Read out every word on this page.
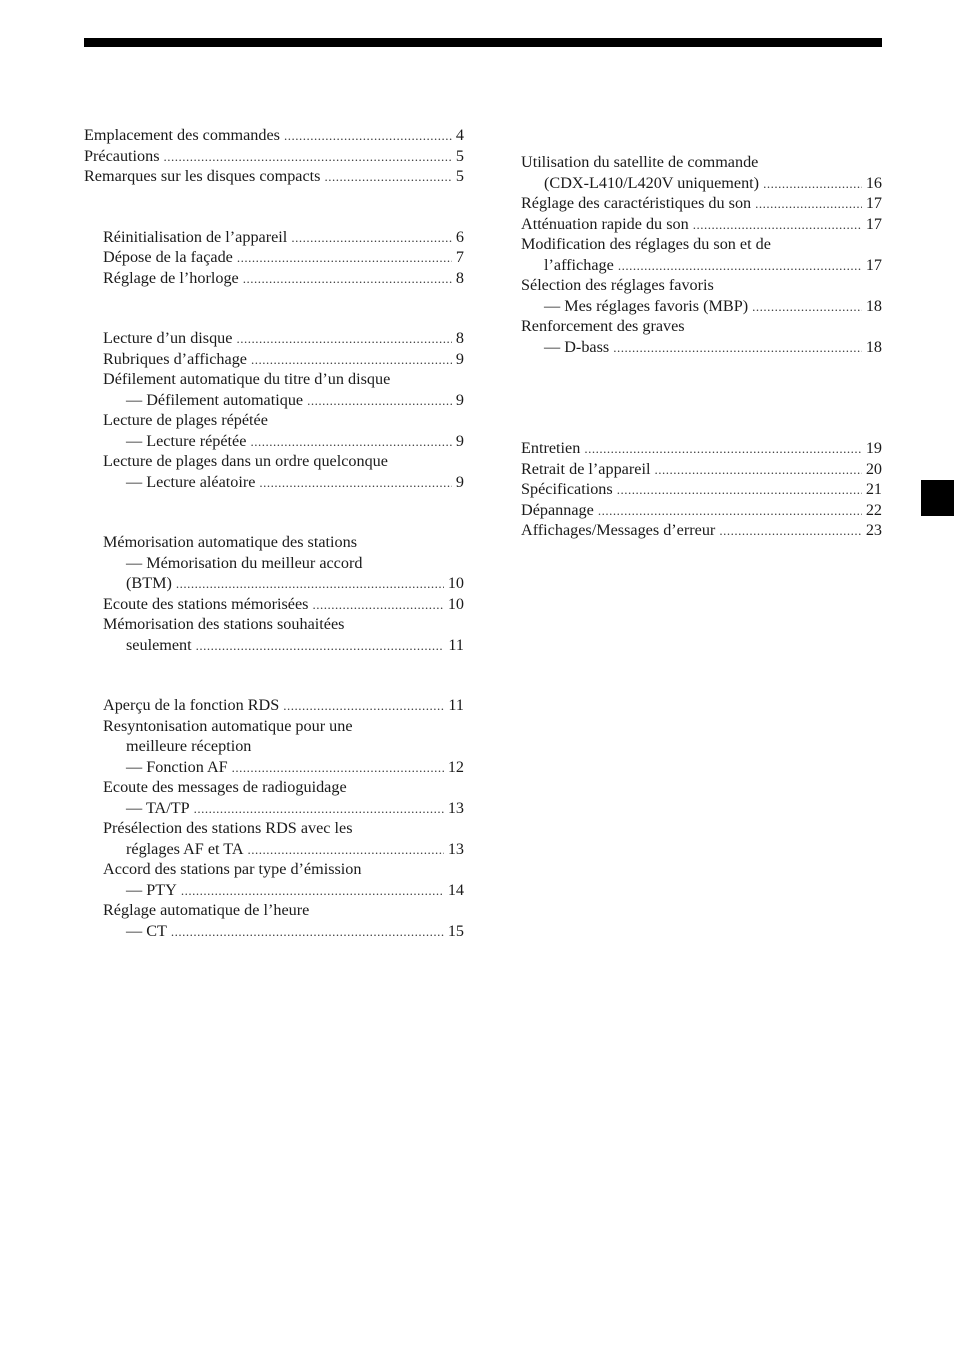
Emplacement des commandes .....	4
Précautions .....	5
Remarques sur les disques compacts .....	5
Réinitialisation de l’appareil .....	6
Dépose de la façade .....	7
Réglage de l’horloge .....	8
Lecture d’un disque .....	8
Rubriques d’affichage .....	9
Défilement automatique du titre d’un disque
— Défilement automatique .....	9
Lecture de plages répétée
— Lecture répétée .....	9
Lecture de plages dans un ordre quelconque
— Lecture aléatoire .....	9
Mémorisation automatique des stations
— Mémorisation du meilleur accord
(BTM) .....	10
Ecoute des stations mémorisées .....	10
Mémorisation des stations souhaitées
seulement .....	11
Aperçu de la fonction RDS .....	11
Resyntonisation automatique pour une
meilleure réception
— Fonction AF .....	12
Ecoute des messages de radioguidage
— TA/TP .....	13
Présélection des stations RDS avec les
réglages AF et TA .....	13
Accord des stations par type d’émission
— PTY .....	14
Réglage automatique de l’heure
— CT .....	15
Utilisation du satellite de commande
(CDX-L410/L420V uniquement) .....	16
Réglage des caractéristiques du son .....	17
Atténuation rapide du son .....	17
Modification des réglages du son et de
l’affichage .....	17
Sélection des réglages favoris
— Mes réglages favoris (MBP) .....	18
Renforcement des graves
— D-bass .....	18
Entretien .....	19
Retrait de l’appareil .....	20
Spécifications .....	21
Dépannage .....	22
Affichages/Messages d’erreur .....	23
